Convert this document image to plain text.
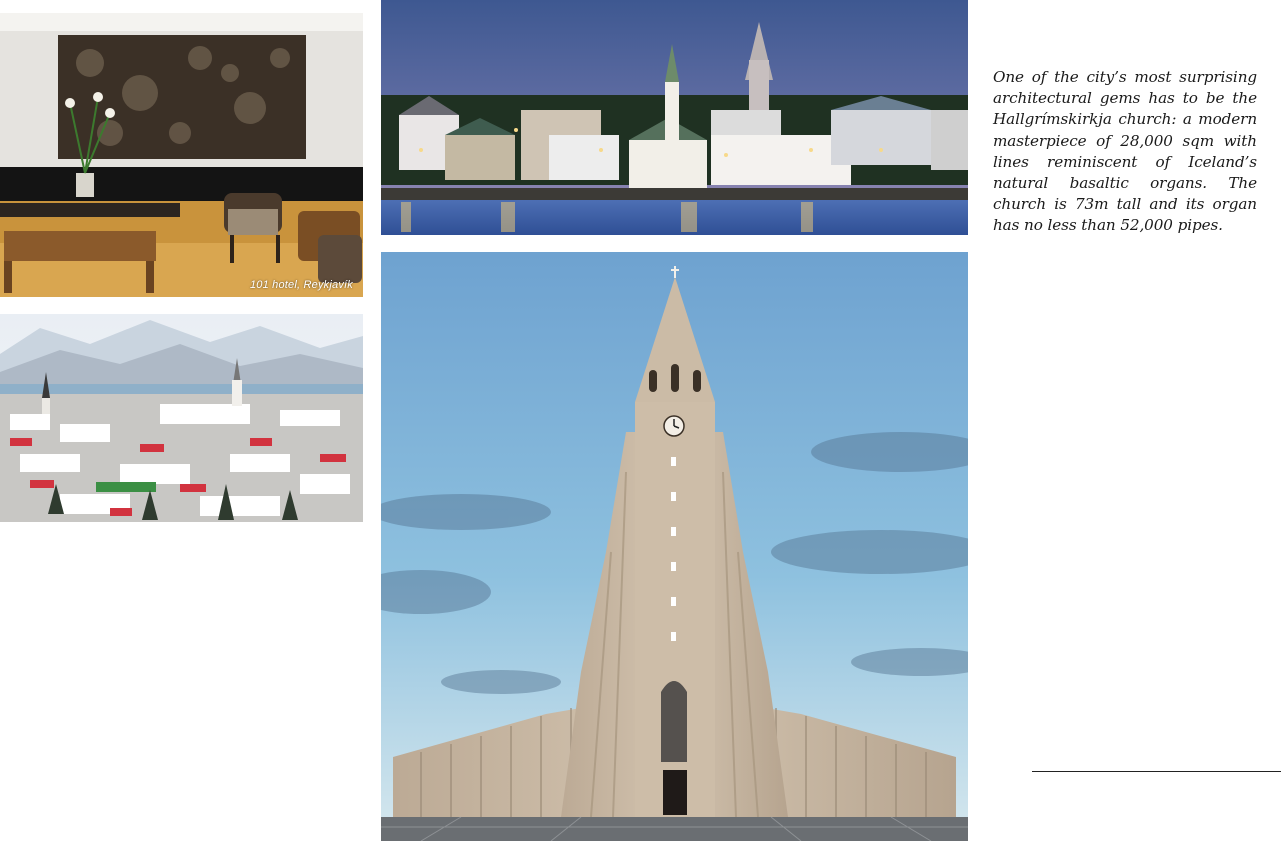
101 hotel, Reykjavík

One of the city’s most surprising architectural gems has to be the Hallgrímskirkja church: a modern masterpiece of 28,000 sqm with lines reminiscent of Iceland’s natural basaltic organs. The church is 73m tall and its organ has no less than 52,000 pipes.
